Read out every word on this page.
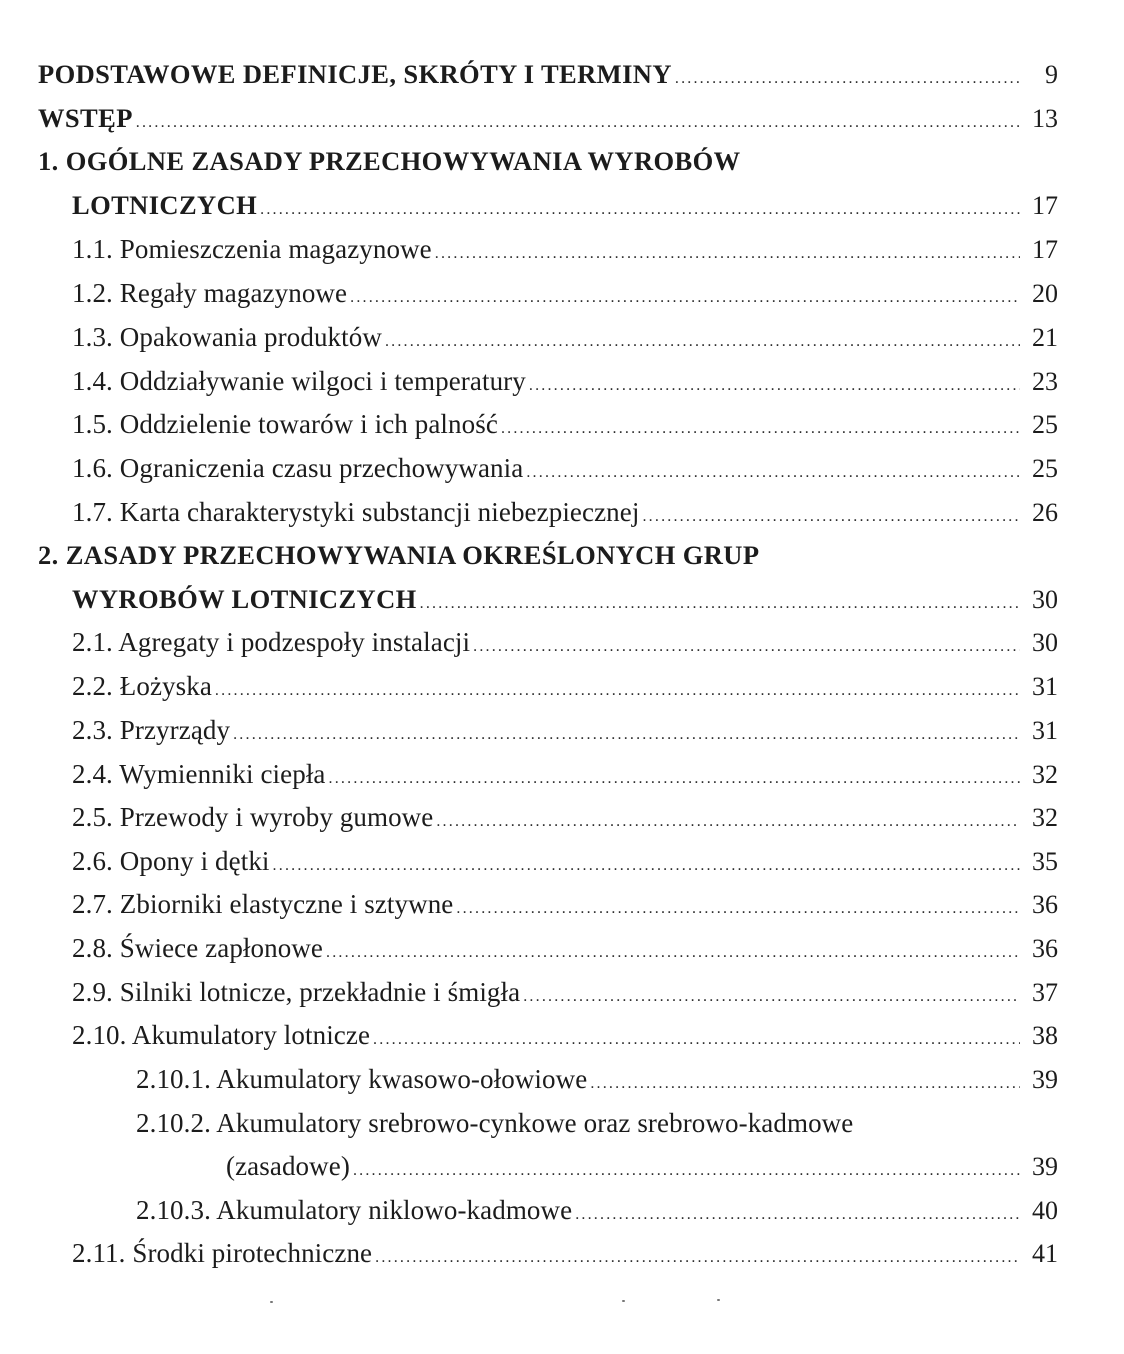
PODSTAWOWE DEFINICJE, SKRÓTY I TERMINY .....	9
WSTĘP .....	13
1. OGÓLNE ZASADY PRZECHOWYWANIA WYROBÓW
LOTNICZYCH .....	17
1.1. Pomieszczenia magazynowe .....	17
1.2. Regały magazynowe .....	20
1.3. Opakowania produktów .....	21
1.4. Oddziaływanie wilgoci i temperatury .....	23
1.5. Oddzielenie towarów i ich palność .....	25
1.6. Ograniczenia czasu przechowywania .....	25
1.7. Karta charakterystyki substancji niebezpiecznej .....	26
2. ZASADY PRZECHOWYWANIA OKREŚLONYCH GRUP
WYROBÓW LOTNICZYCH .....	30
2.1. Agregaty i podzespoły instalacji .....	30
2.2. Łożyska .....	31
2.3. Przyrządy .....	31
2.4. Wymienniki ciepła .....	32
2.5. Przewody i wyroby gumowe .....	32
2.6. Opony i dętki .....	35
2.7. Zbiorniki elastyczne i sztywne .....	36
2.8. Świece zapłonowe .....	36
2.9. Silniki lotnicze, przekładnie i śmigła .....	37
2.10. Akumulatory lotnicze .....	38
2.10.1. Akumulatory kwasowo-ołowiowe .....	39
2.10.2. Akumulatory srebrowo-cynkowe oraz srebrowo-kadmowe
(zasadowe) .....	39
2.10.3. Akumulatory niklowo-kadmowe .....	40
2.11. Środki pirotechniczne .....	41
